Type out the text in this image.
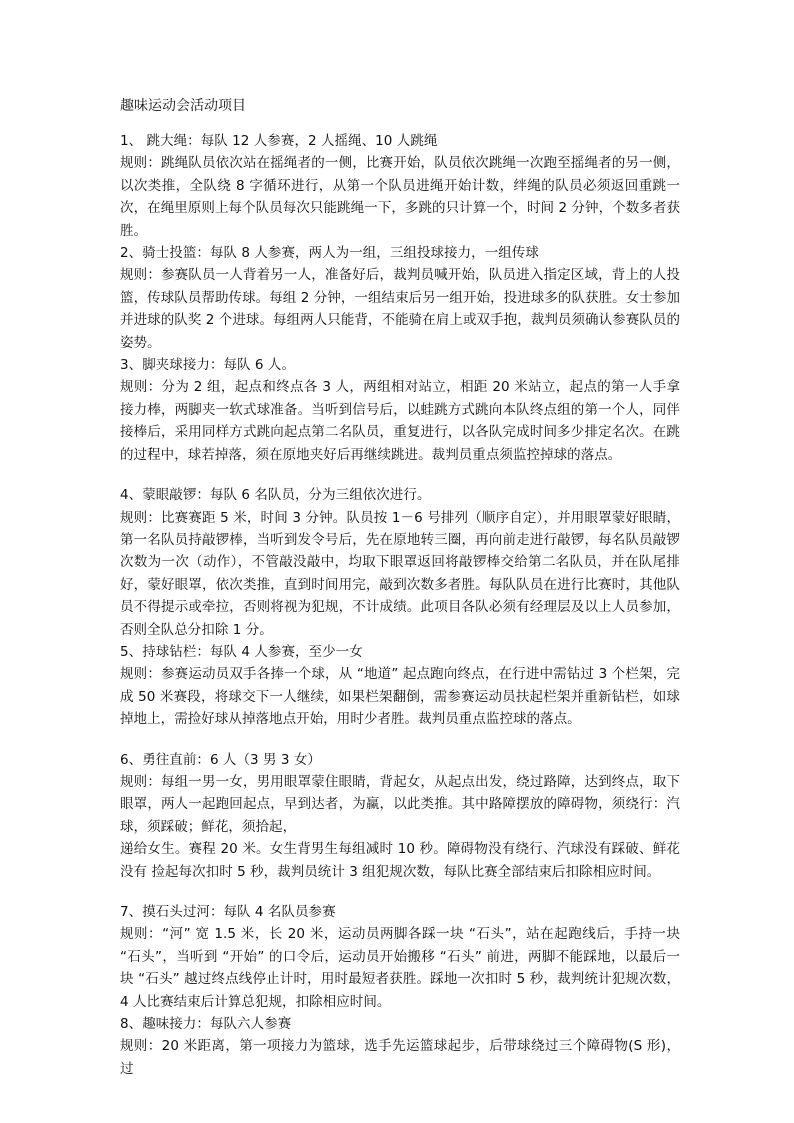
趣味运动会活动项目

1、 跳大绳：每队 12 人参赛，2 人摇绳、10 人跳绳

规则：跳绳队员依次站在摇绳者的一侧，比赛开始，队员依次跳绳一次跑至摇绳者的另一侧，以次类推，全队绕 8 字循环进行，从第一个队员进绳开始计数，绊绳的队员必须返回重跳一次，在绳里原则上每个队员每次只能跳绳一下，多跳的只计算一个，时间 2 分钟，个数多者获胜。

2、骑士投篮：每队 8 人参赛，两人为一组，三组投球接力，一组传球

规则：参赛队员一人背着另一人，准备好后，裁判员喊开始，队员进入指定区域，背上的人投篮，传球队员帮助传球。每组 2 分钟，一组结束后另一组开始，投进球多的队获胜。女士参加并进球的队奖 2 个进球。每组两人只能背，不能骑在肩上或双手抱，裁判员须确认参赛队员的姿势。

3、脚夹球接力：每队 6 人。

规则：分为 2 组，起点和终点各 3 人，两组相对站立，相距 20 米站立，起点的第一人手拿接力棒，两脚夹一软式球准备。当听到信号后，以蛙跳方式跳向本队终点组的第一个人，同伴接棒后，采用同样方式跳向起点第二名队员，重复进行，以各队完成时间多少排定名次。在跳的过程中，球若掉落，须在原地夹好后再继续跳进。裁判员重点须监控掉球的落点。

4、蒙眼敲锣：每队 6 名队员，分为三组依次进行。

规则：比赛赛距 5 米，时间 3 分钟。队员按 1－6 号排列（顺序自定），并用眼罩蒙好眼睛，第一名队员持敲锣棒，当听到发令号后，先在原地转三圈，再向前走进行敲锣，每名队员敲锣次数为一次（动作），不管敲没敲中，均取下眼罩返回将敲锣棒交给第二名队员，并在队尾排好，蒙好眼罩，依次类推，直到时间用完，敲到次数多者胜。每队队员在进行比赛时，其他队员不得提示或牵拉，否则将视为犯规，不计成绩。此项目各队必须有经理层及以上人员参加，否则全队总分扣除 1 分。

5、持球钻栏：每队 4 人参赛，至少一女

规则：参赛运动员双手各捧一个球，从 “地道” 起点跑向终点，在行进中需钻过 3 个栏架，完成 50 米赛段，将球交下一人继续，如果栏架翻倒，需参赛运动员扶起栏架并重新钻栏，如球掉地上，需捡好球从掉落地点开始，用时少者胜。裁判员重点监控球的落点。

6、勇往直前：6 人（3 男 3 女）

规则：每组一男一女，男用眼罩蒙住眼睛，背起女，从起点出发，绕过路障，达到终点，取下眼罩，两人一起跑回起点，早到达者，为赢，以此类推。其中路障摆放的障碍物，须绕行：汽球，须踩破；鲜花，须拾起，
递给女生。赛程 20 米。女生背男生每组减时 10 秒。障碍物没有绕行、汽球没有踩破、鲜花没有 捡起每次扣时 5 秒，裁判员统计 3 组犯规次数，每队比赛全部结束后扣除相应时间。

7、摸石头过河：每队 4 名队员参赛

规则：“河” 宽 1.5 米，长 20 米，运动员两脚各踩一块 “石头”，站在起跑线后，手持一块 “石头”，当听到 “开始” 的口令后，运动员开始搬移 “石头” 前进，两脚不能踩地，以最后一块 “石头” 越过终点线停止计时，用时最短者获胜。踩地一次扣时 5 秒，裁判统计犯规次数，4 人比赛结束后计算总犯规，扣除相应时间。

8、趣味接力：每队六人参赛

规则：20 米距离，第一项接力为篮球，选手先运篮球起步，后带球绕过三个障碍物(S 形)，过
